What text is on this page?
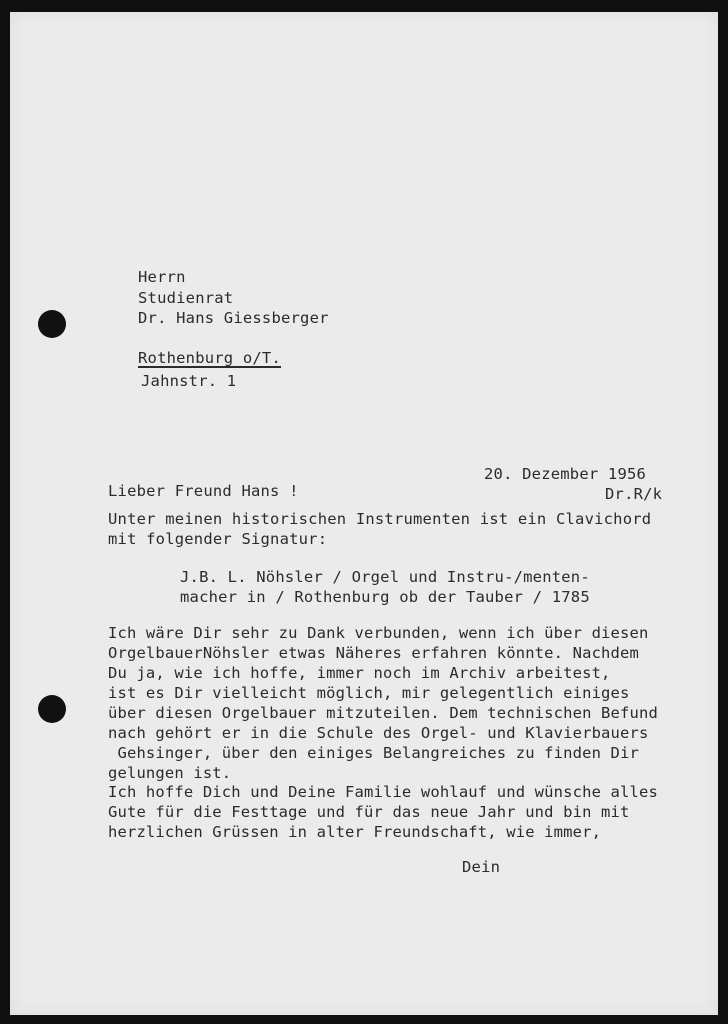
Herrn
Studienrat
Dr. Hans Giessberger
Rothenburg o/T.
Jahnstr. 1
20. Dezember 1956
Lieber Freund Hans !	Dr.R/k
Unter meinen historischen Instrumenten ist ein Clavichord
mit folgender Signatur:
J.B. L. Nöhsler / Orgel und Instru-/menten-
macher in / Rothenburg ob der Tauber / 1785
Ich wäre Dir sehr zu Dank verbunden, wenn ich über diesen
OrgelbauerNöhsler etwas Näheres erfahren könnte. Nachdem
Du ja, wie ich hoffe, immer noch im Archiv arbeitest,
ist es Dir vielleicht möglich, mir gelegentlich einiges
über diesen Orgelbauer mitzuteilen. Dem technischen Befund
nach gehört er in die Schule des Orgel- und Klavierbauers
Gehsinger, über den einiges Belangreiches zu finden Dir
gelungen ist.
Ich hoffe Dich und Deine Familie wohlauf und wünsche alles
Gute für die Festtage und für das neue Jahr und bin mit
herzlichen Grüssen in alter Freundschaft, wie immer,
Dein
